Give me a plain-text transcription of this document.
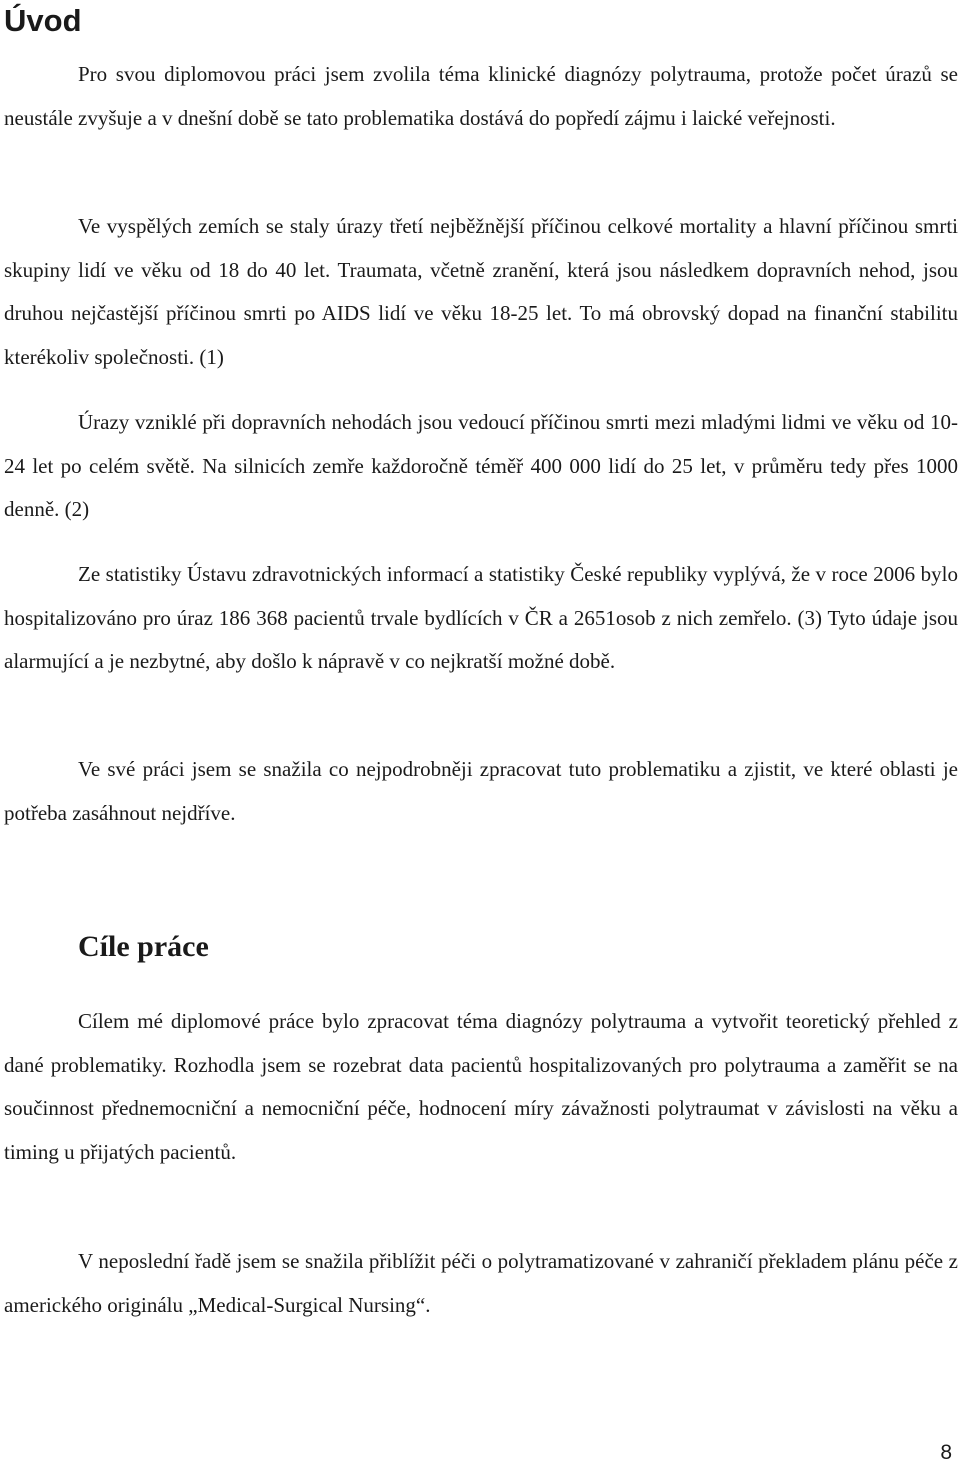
Úvod

Pro svou diplomovou práci jsem zvolila téma klinické diagnózy polytrauma, protože počet úrazů se neustále zvyšuje a v dnešní době se tato problematika dostává do popředí zájmu i laické veřejnosti.

Ve vyspělých zemích se staly úrazy třetí nejběžnější příčinou celkové mortality a hlavní příčinou smrti skupiny lidí ve věku od 18 do 40 let. Traumata, včetně zranění, která jsou následkem dopravních nehod, jsou druhou nejčastější příčinou smrti po AIDS lidí ve věku 18-25 let. To má obrovský dopad na finanční stabilitu kterékoliv společnosti. (1)

Úrazy vzniklé při dopravních nehodách jsou vedoucí příčinou smrti mezi mladými lidmi ve věku od 10-24 let po celém světě. Na silnicích zemře každoročně téměř 400 000 lidí do 25 let, v průměru tedy přes 1000 denně. (2)

Ze statistiky Ústavu zdravotnických informací a statistiky České republiky vyplývá, že v roce 2006 bylo hospitalizováno pro úraz 186 368 pacientů trvale bydlících v ČR a 2651osob z nich zemřelo. (3) Tyto údaje jsou alarmující a je nezbytné, aby došlo k nápravě v co nejkratší možné době.

Ve své práci jsem se snažila co nejpodrobněji zpracovat tuto problematiku a zjistit, ve které oblasti je potřeba zasáhnout nejdříve.

Cíle práce

Cílem mé diplomové práce bylo zpracovat téma diagnózy polytrauma a vytvořit teoretický přehled z dané problematiky. Rozhodla jsem se rozebrat data pacientů hospitalizovaných pro polytrauma a zaměřit se na součinnost přednemocniční a nemocniční péče, hodnocení míry závažnosti polytraumat v závislosti na věku a timing u přijatých pacientů.

V neposlední řadě jsem se snažila přiblížit péči o polytramatizované v zahraničí překladem plánu péče z amerického originálu „Medical-Surgical Nursing“.

8
